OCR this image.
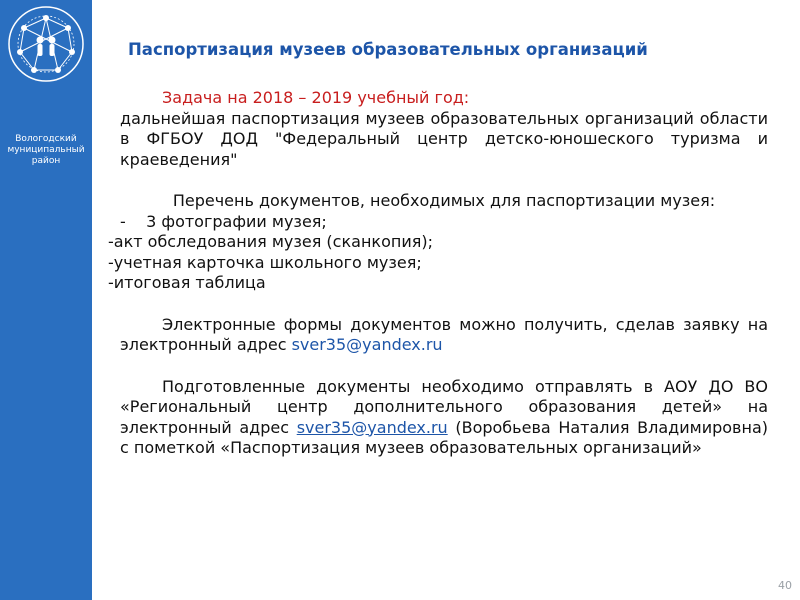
Вологодский
муниципальный
район
Паспортизация музеев образовательных организаций
Задача на 2018 – 2019 учебный год:
дальнейшая паспортизация музеев образовательных организаций области в ФГБОУ ДОД "Федеральный центр детско-юношеского туризма и краеведения"
Перечень документов, необходимых для паспортизации музея:
-    3 фотографии музея;
-акт обследования музея (сканкопия);
-учетная карточка школьного музея;
-итоговая таблица
Электронные формы документов можно получить, сделав заявку на электронный адрес sver35@yandex.ru
Подготовленные документы необходимо отправлять в АОУ ДО ВО «Региональный центр дополнительного образования детей» на электронный адрес sver35@yandex.ru (Воробьева Наталия Владимировна) с пометкой «Паспортизация музеев образовательных организаций»
40
